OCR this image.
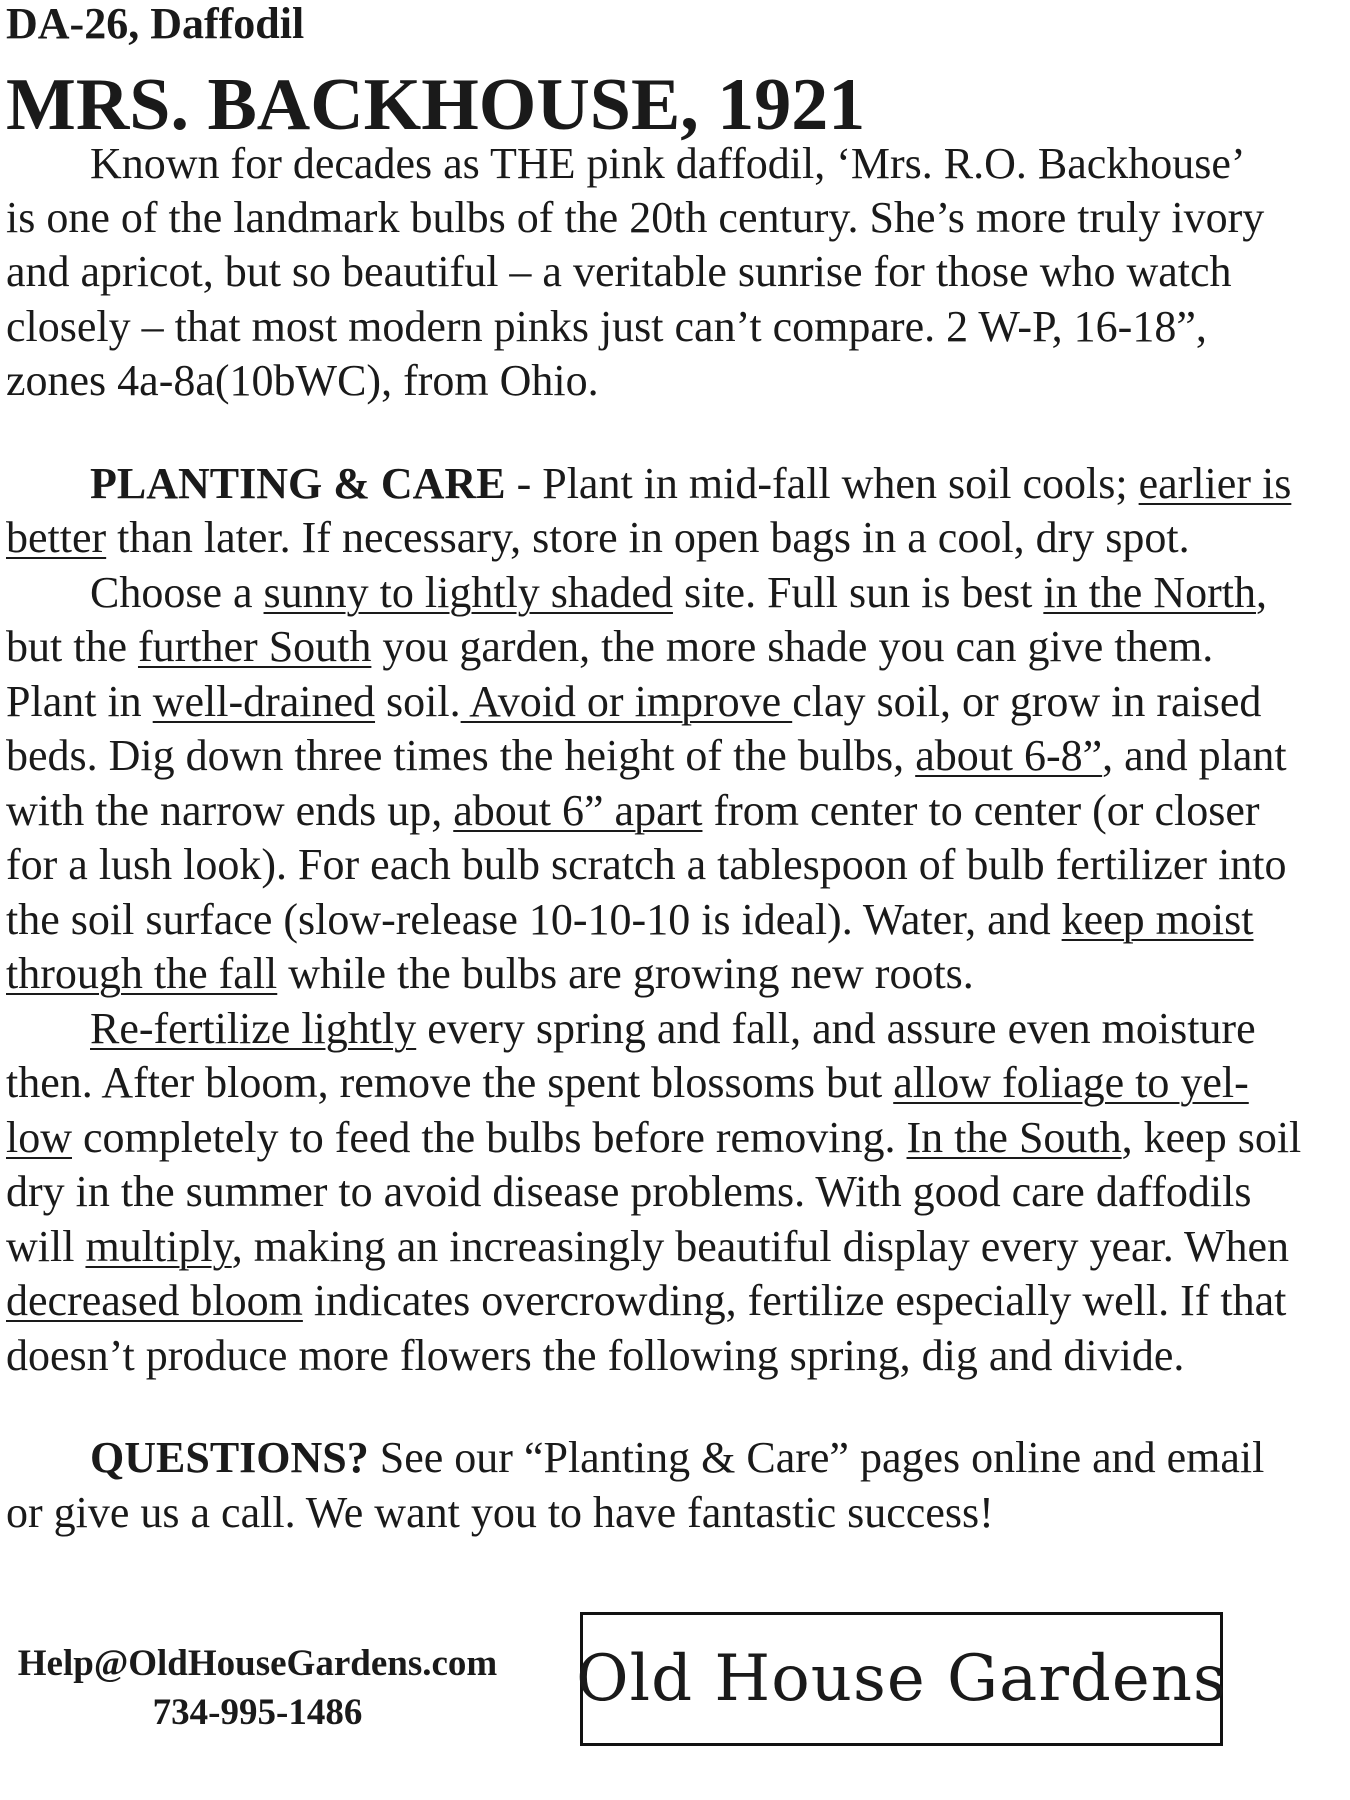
DA-26, Daffodil
MRS. BACKHOUSE, 1921
Known for decades as THE pink daffodil, ‘Mrs. R.O. Backhouse’
is one of the landmark bulbs of the 20th century. She’s more truly ivory
and apricot, but so beautiful – a veritable sunrise for those who watch
closely – that most modern pinks just can’t compare. 2 W-P, 16-18”,
zones 4a-8a(10bWC), from Ohio.
PLANTING & CARE - Plant in mid-fall when soil cools; earlier is
better than later. If necessary, store in open bags in a cool, dry spot.
Choose a sunny to lightly shaded site. Full sun is best in the North,
but the further South you garden, the more shade you can give them.
Plant in well-drained soil. Avoid or improve clay soil, or grow in raised
beds. Dig down three times the height of the bulbs, about 6-8”, and plant
with the narrow ends up, about 6” apart from center to center (or closer
for a lush look). For each bulb scratch a tablespoon of bulb fertilizer into
the soil surface (slow-release 10-10-10 is ideal). Water, and keep moist
through the fall while the bulbs are growing new roots.
Re-fertilize lightly every spring and fall, and assure even moisture
then. After bloom, remove the spent blossoms but allow foliage to yel-
low completely to feed the bulbs before removing. In the South, keep soil
dry in the summer to avoid disease problems. With good care daffodils
will multiply, making an increasingly beautiful display every year. When
decreased bloom indicates overcrowding, fertilize especially well. If that
doesn’t produce more flowers the following spring, dig and divide.
QUESTIONS? See our “Planting & Care” pages online and email
or give us a call. We want you to have fantastic success!
Help@OldHouseGardens.com
734-995-1486	Old House Gardens
